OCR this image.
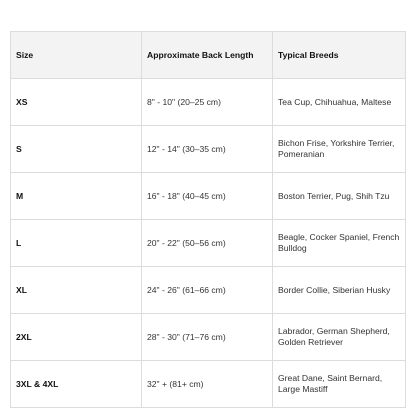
Size	Approximate Back Length	Typical Breeds
XS	8" - 10" (20–25 cm)	Tea Cup, Chihuahua, Maltese
S	12" - 14" (30–35 cm)	Bichon Frise, Yorkshire Terrier, Pomeranian
M	16" - 18" (40–45 cm)	Boston Terrier, Pug, Shih Tzu
L	20" - 22" (50–56 cm)	Beagle, Cocker Spaniel, French Bulldog
XL	24" - 26" (61–66 cm)	Border Collie, Siberian Husky
2XL	28" - 30" (71–76 cm)	Labrador, German Shepherd, Golden Retriever
3XL & 4XL	32" + (81+ cm)	Great Dane, Saint Bernard, Large Mastiff
